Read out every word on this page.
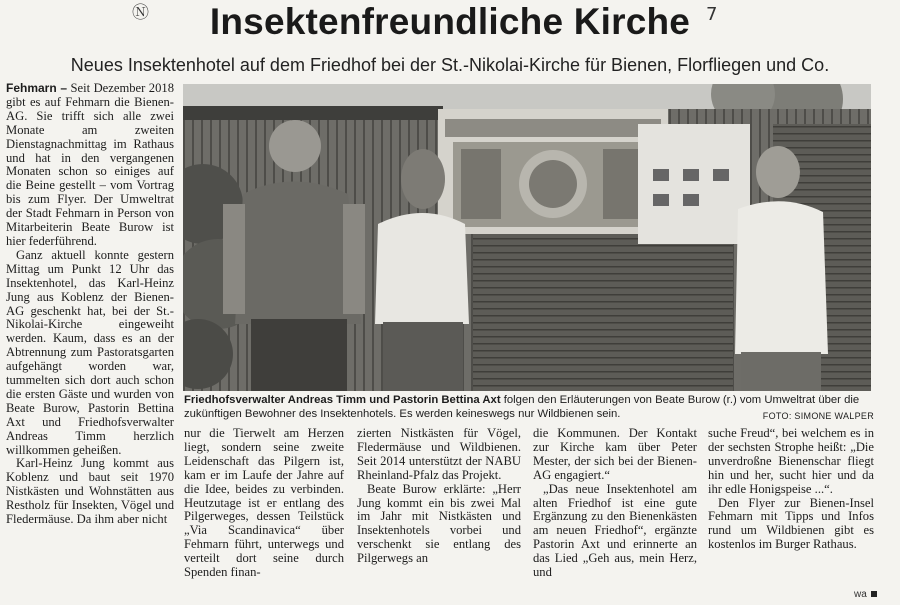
Ⓝ	7
Insektenfreundliche Kirche
Neues Insektenhotel auf dem Friedhof bei der St.-Nikolai-Kirche für Bienen, Florfliegen und Co.

Fehmarn – Seit Dezember 2018 gibt es auf Fehmarn die Bienen-AG. Sie trifft sich alle zwei Monate am zweiten Dienstagnachmittag im Rathaus und hat in den vergangenen Monaten schon so einiges auf die Beine gestellt – vom Vortrag bis zum Flyer. Der Umweltrat der Stadt Fehmarn in Person von Mitarbeiterin Beate Burow ist hier federführend.

Ganz aktuell konnte gestern Mittag um Punkt 12 Uhr das Insektenhotel, das Karl-Heinz Jung aus Koblenz der Bienen-AG geschenkt hat, bei der St.-Nikolai-Kirche eingeweiht werden. Kaum, dass es an der Abtrennung zum Pastoratsgarten aufgehängt worden war, tummelten sich dort auch schon die ersten Gäste und wurden von Beate Burow, Pastorin Bettina Axt und Friedhofsverwalter Andreas Timm herzlich willkommen geheißen.

Karl-Heinz Jung kommt aus Koblenz und baut seit 1970 Nistkästen und Wohnstätten aus Restholz für Insekten, Vögel und Fledermäuse. Da ihm aber nicht

Friedhofsverwalter Andreas Timm und Pastorin Bettina Axt folgen den Erläuterungen von Beate Burow (r.) vom Umweltrat über die zukünftigen Bewohner des Insektenhotels. Es werden keineswegs nur Wildbienen sein.	FOTO: SIMONE WALPER

nur die Tierwelt am Herzen liegt, sondern seine zweite Leidenschaft das Pilgern ist, kam er im Laufe der Jahre auf die Idee, beides zu verbinden. Heutzutage ist er entlang des Pilgerweges, dessen Teilstück „Via Scandinavica“ über Fehmarn führt, unterwegs und verteilt dort seine durch Spenden finan-

zierten Nistkästen für Vögel, Fledermäuse und Wildbienen. Seit 2014 unterstützt der NABU Rheinland-Pfalz das Projekt.

Beate Burow erklärte: „Herr Jung kommt ein bis zwei Mal im Jahr mit Nistkästen und Insektenhotels vorbei und verschenkt sie entlang des Pilgerwegs an

die Kommunen. Der Kontakt zur Kirche kam über Peter Mester, der sich bei der Bienen-AG engagiert.“

„Das neue Insektenhotel am alten Friedhof ist eine gute Ergänzung zu den Bienenkästen am neuen Friedhof“, ergänzte Pastorin Axt und erinnerte an das Lied „Geh aus, mein Herz, und

suche Freud“, bei welchem es in der sechsten Strophe heißt: „Die unverdroßne Bienenschar fliegt hin und her, sucht hier und da ihr edle Honigspeise ...“.

Den Flyer zur Bienen-Insel Fehmarn mit Tipps und Infos rund um Wildbienen gibt es kostenlos im Burger Rathaus.

wa
